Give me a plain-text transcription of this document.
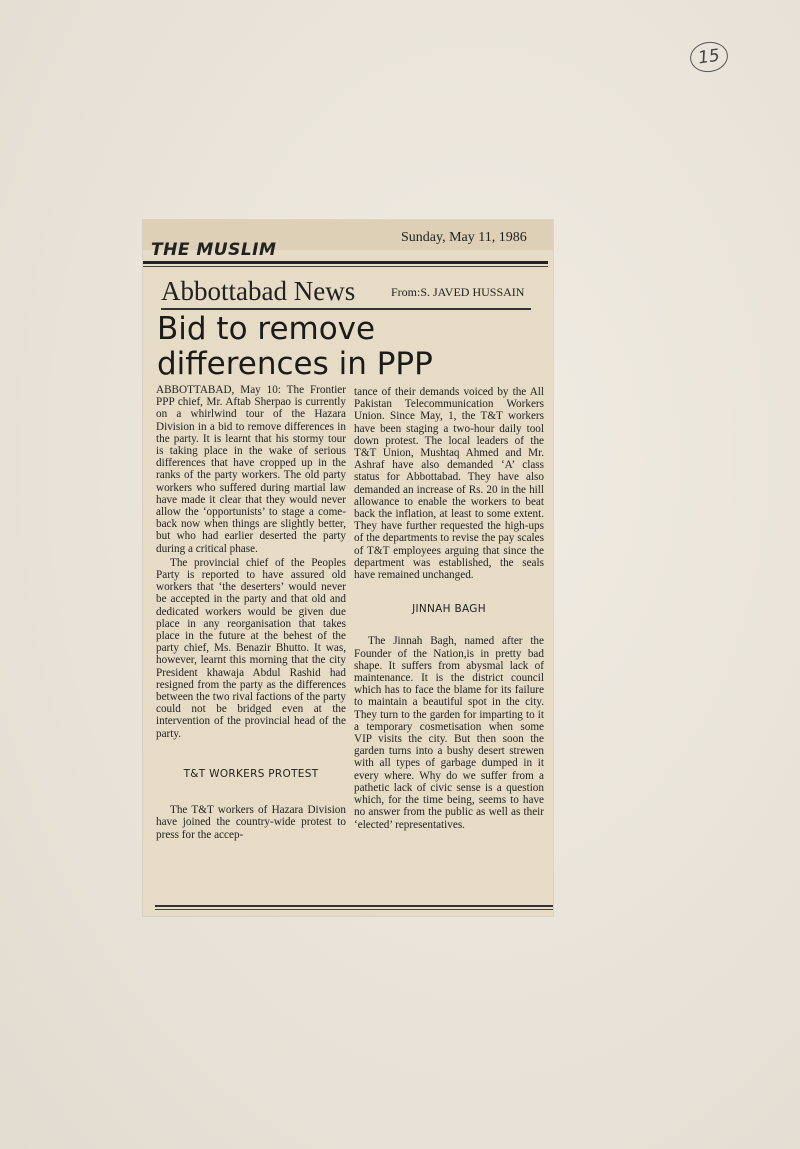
15
THE MUSLIM
Sunday, May 11, 1986
Abbottabad News	From:S. JAVED HUSSAIN
Bid to remove
differences in PPP

ABBOTTABAD, May 10: The Frontier PPP chief, Mr. Aftab Sherpao is currently on a whirlwind tour of the Hazara Division in a bid to remove differences in the party. It is learnt that his stormy tour is taking place in the wake of serious differences that have cropped up in the ranks of the party workers. The old party workers who suffered during martial law have made it clear that they would never allow the ‘opportunists’ to stage a come-back now when things are slightly better, but who had earlier deserted the party during a critical phase.

The provincial chief of the Peoples Party is reported to have assured old workers that ‘the deserters’ would never be accepted in the party and that old and dedicated workers would be given due place in any reorganisation that takes place in the future at the behest of the party chief, Ms. Benazir Bhutto. It was, however, learnt this morning that the city President khawaja Abdul Rashid had resigned from the party as the differences between the two rival factions of the party could not be bridged even at the intervention of the provincial head of the party.

T&T WORKERS PROTEST

The T&T workers of Hazara Division have joined the country-wide protest to press for the accep-

tance of their demands voiced by the All Pakistan Telecommunication Workers Union. Since May, 1, the T&T workers have been staging a two-hour daily tool down protest. The local leaders of the T&T Union, Mushtaq Ahmed and Mr. Ashraf have also demanded ‘A’ class status for Abbottabad. They have also demanded an increase of Rs. 20 in the hill allowance to enable the workers to beat back the inflation, at least to some extent. They have further requested the high-ups of the departments to revise the pay scales of T&T employees arguing that since the department was established, the seals have remained unchanged.

JINNAH BAGH

The Jinnah Bagh, named after the Founder of the Nation,is in pretty bad shape. It suffers from abysmal lack of maintenance. It is the district council which has to face the blame for its failure to maintain a beautiful spot in the city. They turn to the garden for imparting to it a temporary cosmetisation when some VIP visits the city. But then soon the garden turns into a bushy desert strewen with all types of garbage dumped in it every where. Why do we suffer from a pathetic lack of civic sense is a question which, for the time being, seems to have no answer from the public as well as their ‘elected’ representatives.
